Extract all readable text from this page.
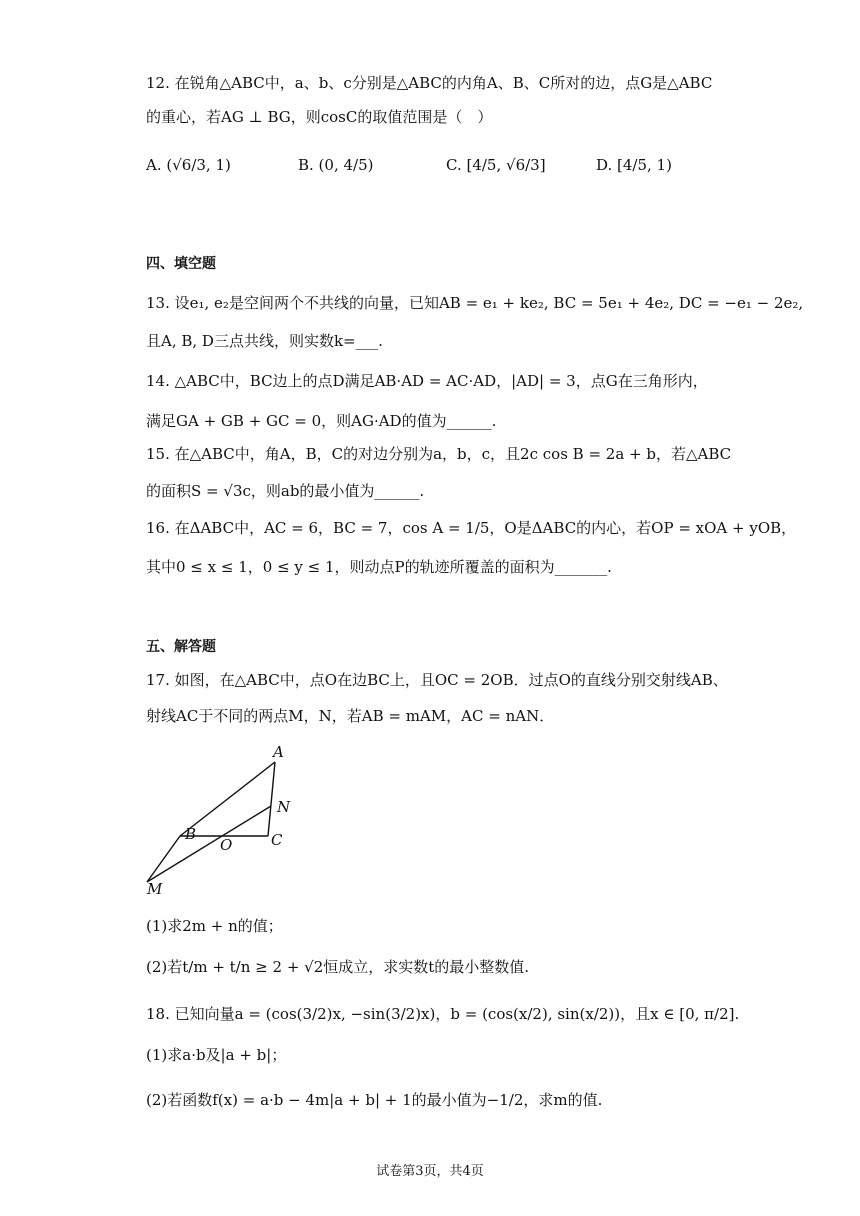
12. 在锐角△ABC中，a、b、c分别是△ABC的内角A、B、C所对的边，点G是△ABC
的重心，若AG ⊥ BG，则cosC的取值范围是（　）
A. (√6/3, 1)	B. (0, 4/5)	C. [4/5, √6/3]	D. [4/5, 1)
四、填空题
13. 设e₁, e₂是空间两个不共线的向量，已知AB = e₁ + ke₂, BC = 5e₁ + 4e₂, DC = −e₁ − 2e₂,
且A, B, D三点共线，则实数k=___.
14. △ABC中，BC边上的点D满足AB·AD = AC·AD，|AD| = 3，点G在三角形内，
满足GA + GB + GC = 0，则AG·AD的值为______.
15. 在△ABC中，角A，B，C的对边分别为a，b，c，且2c cos B = 2a + b，若△ABC
的面积S = √3c，则ab的最小值为______.
16. 在ΔABC中，AC = 6，BC = 7，cos A = 1/5，O是ΔABC的内心，若OP = xOA + yOB，
其中0 ≤ x ≤ 1，0 ≤ y ≤ 1，则动点P的轨迹所覆盖的面积为_______.
五、解答题
17. 如图，在△ABC中，点O在边BC上，且OC = 2OB．过点O的直线分别交射线AB、
射线AC于不同的两点M，N，若AB = mAM，AC = nAN．
A
N
B
O	C
M
(1)求2m + n的值；
(2)若t/m + t/n ≥ 2 + √2恒成立，求实数t的最小整数值.
18. 已知向量a = (cos(3/2)x, −sin(3/2)x)，b = (cos(x/2), sin(x/2))，且x ∈ [0, π/2].
(1)求a·b及|a + b|；
(2)若函数f(x) = a·b − 4m|a + b| + 1的最小值为−1/2，求m的值.
试卷第3页，共4页
